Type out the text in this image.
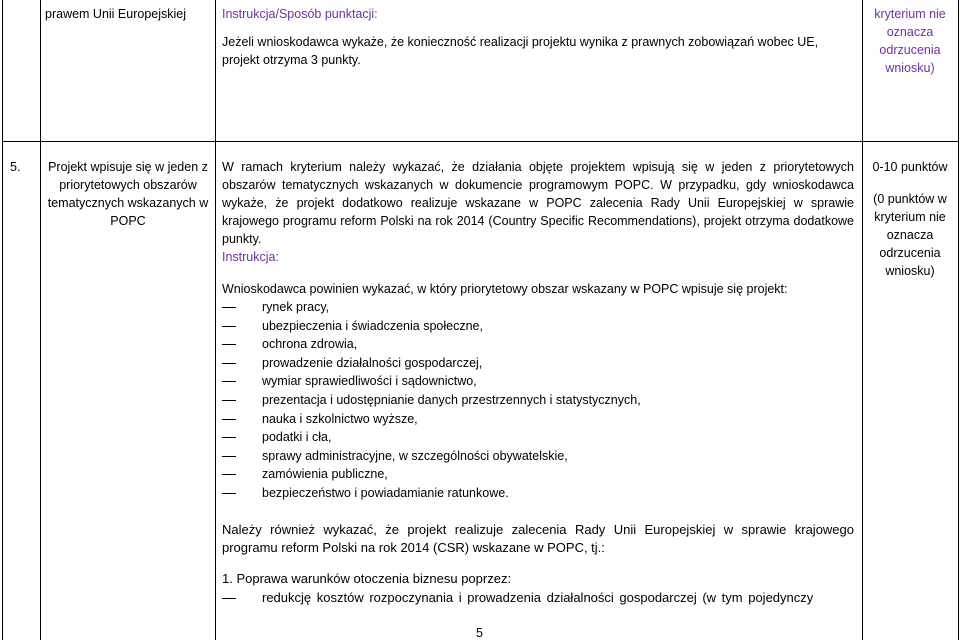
prawem Unii Europejskiej	Instrukcja/Sposób punktacji:
Jeżeli wnioskodawca wykaże, że konieczność realizacji projektu wynika z prawnych zobowiązań wobec UE, projekt otrzyma 3 punkty.
kryterium nie oznacza odrzucenia wniosku)
5.	Projekt wpisuje się w jeden z priorytetowych obszarów tematycznych wskazanych w POPC
W ramach kryterium należy wykazać, że działania objęte projektem wpisują się w jeden z priorytetowych obszarów tematycznych wskazanych w dokumencie programowym POPC. W przypadku, gdy wnioskodawca wykaże, że projekt dodatkowo realizuje wskazane w POPC zalecenia Rady Unii Europejskiej w sprawie krajowego programu reform Polski na rok 2014 (Country Specific Recommendations), projekt otrzyma dodatkowe punkty.
Instrukcja:
Wnioskodawca powinien wykazać, w który priorytetowy obszar wskazany w POPC wpisuje się projekt:
rynek pracy,
ubezpieczenia i świadczenia społeczne,
ochrona zdrowia,
prowadzenie działalności gospodarczej,
wymiar sprawiedliwości i sądownictwo,
prezentacja i udostępnianie danych przestrzennych i statystycznych,
nauka i szkolnictwo wyższe,
podatki i cła,
sprawy administracyjne, w szczególności obywatelskie,
zamówienia publiczne,
bezpieczeństwo i powiadamianie ratunkowe.
Należy również wykazać, że projekt realizuje zalecenia Rady Unii Europejskiej w sprawie krajowego programu reform Polski na rok 2014 (CSR) wskazane w POPC, tj.:
1. Poprawa warunków otoczenia biznesu poprzez:
redukcję kosztów rozpoczynania i prowadzenia działalności gospodarczej (w tym pojedynczy
0-10 punktów
(0 punktów w kryterium nie oznacza odrzucenia wniosku)
5
